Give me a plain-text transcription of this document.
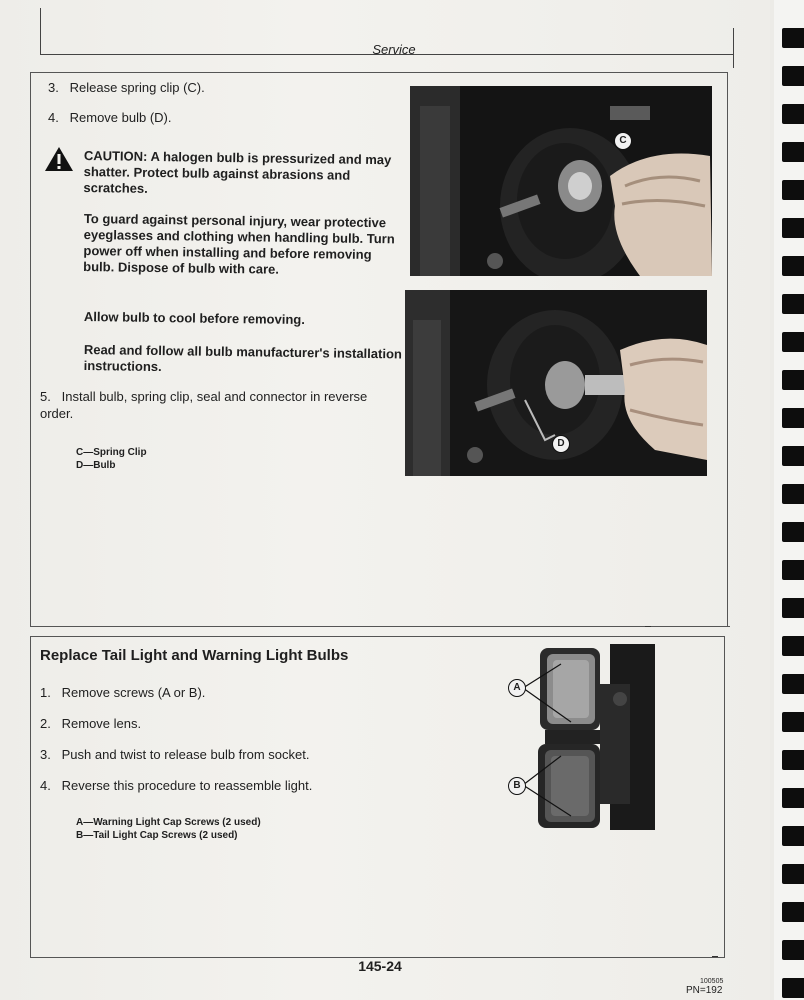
Service
3. Release spring clip (C).
4. Remove bulb (D).
CAUTION: A halogen bulb is pressurized and may shatter. Protect bulb against abrasions and scratches.
To guard against personal injury, wear protective eyeglasses and clothing when handling bulb. Turn power off when installing and before removing bulb. Dispose of bulb with care.
Allow bulb to cool before removing.
Read and follow all bulb manufacturer's installation instructions.
5. Install bulb, spring clip, seal and connector in reverse order.
C—Spring Clip
D—Bulb
C
D
Replace Tail Light and Warning Light Bulbs
1. Remove screws (A or B).
2. Remove lens.
3. Push and twist to release bulb from socket.
4. Reverse this procedure to reassemble light.
A—Warning Light Cap Screws (2 used)
B—Tail Light Cap Screws (2 used)
A
B
145-24
100505
PN=192
